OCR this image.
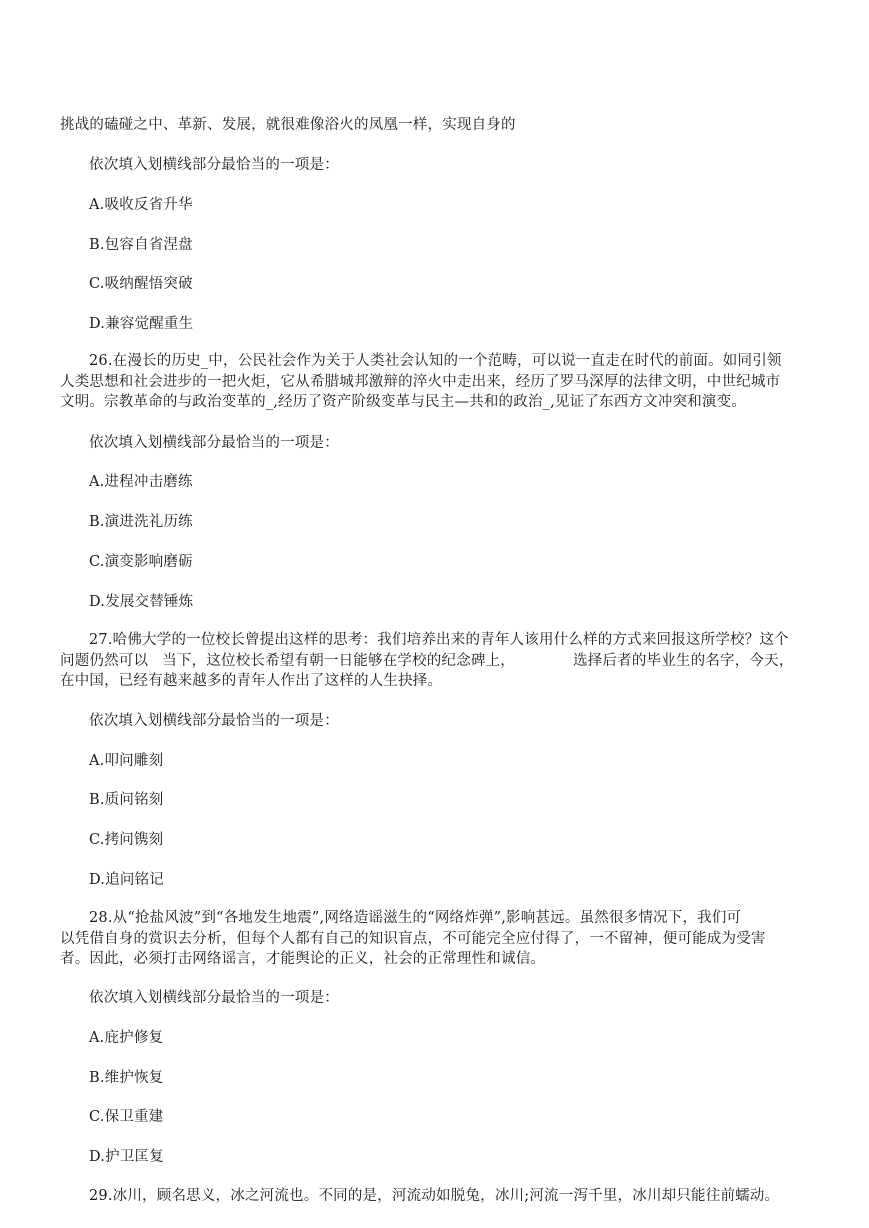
挑战的磕碰之中、革新、发展，就很难像浴火的凤凰一样，实现自身的
依次填入划横线部分最恰当的一项是：
A.吸收反省升华
B.包容自省涅盘
C.吸纳醒悟突破
D.兼容觉醒重生
26.在漫长的历史_中，公民社会作为关于人类社会认知的一个范畴，可以说一直走在时代的前面。如同引领
人类思想和社会进步的一把火炬，它从希腊城邦激辩的淬火中走出来，经历了罗马深厚的法律文明，中世纪城市
文明。宗教革命的与政治变革的_,经历了资产阶级变革与民主—共和的政治_,见证了东西方文冲突和演变。
依次填入划横线部分最恰当的一项是：
A.进程冲击磨练
B.演进洗礼历练
C.演变影响磨砺
D.发展交替锤炼
27.哈佛大学的一位校长曾提出这样的思考：我们培养出来的青年人该用什么样的方式来回报这所学校？这个
问题仍然可以 当下，这位校长希望有朝一日能够在学校的纪念碑上，	选择后者的毕业生的名字，今天，
在中国，已经有越来越多的青年人作出了这样的人生抉择。
依次填入划横线部分最恰当的一项是：
A.叩问雕刻
B.质问铭刻
C.拷问镌刻
D.追问铭记
28.从“抢盐风波”到“各地发生地震”,网络造谣滋生的“网络炸弹”,影响甚远。虽然很多情况下，我们可
以凭借自身的赏识去分析，但每个人都有自己的知识盲点，不可能完全应付得了，一不留神，便可能成为受害
者。因此，必须打击网络谣言，才能舆论的正义，社会的正常理性和诚信。
依次填入划横线部分最恰当的一项是：
A.庇护修复
B.维护恢复
C.保卫重建
D.护卫匡复
29.冰川，顾名思义，冰之河流也。不同的是，河流动如脱兔，冰川;河流一泻千里，冰川却只能往前蠕动。
